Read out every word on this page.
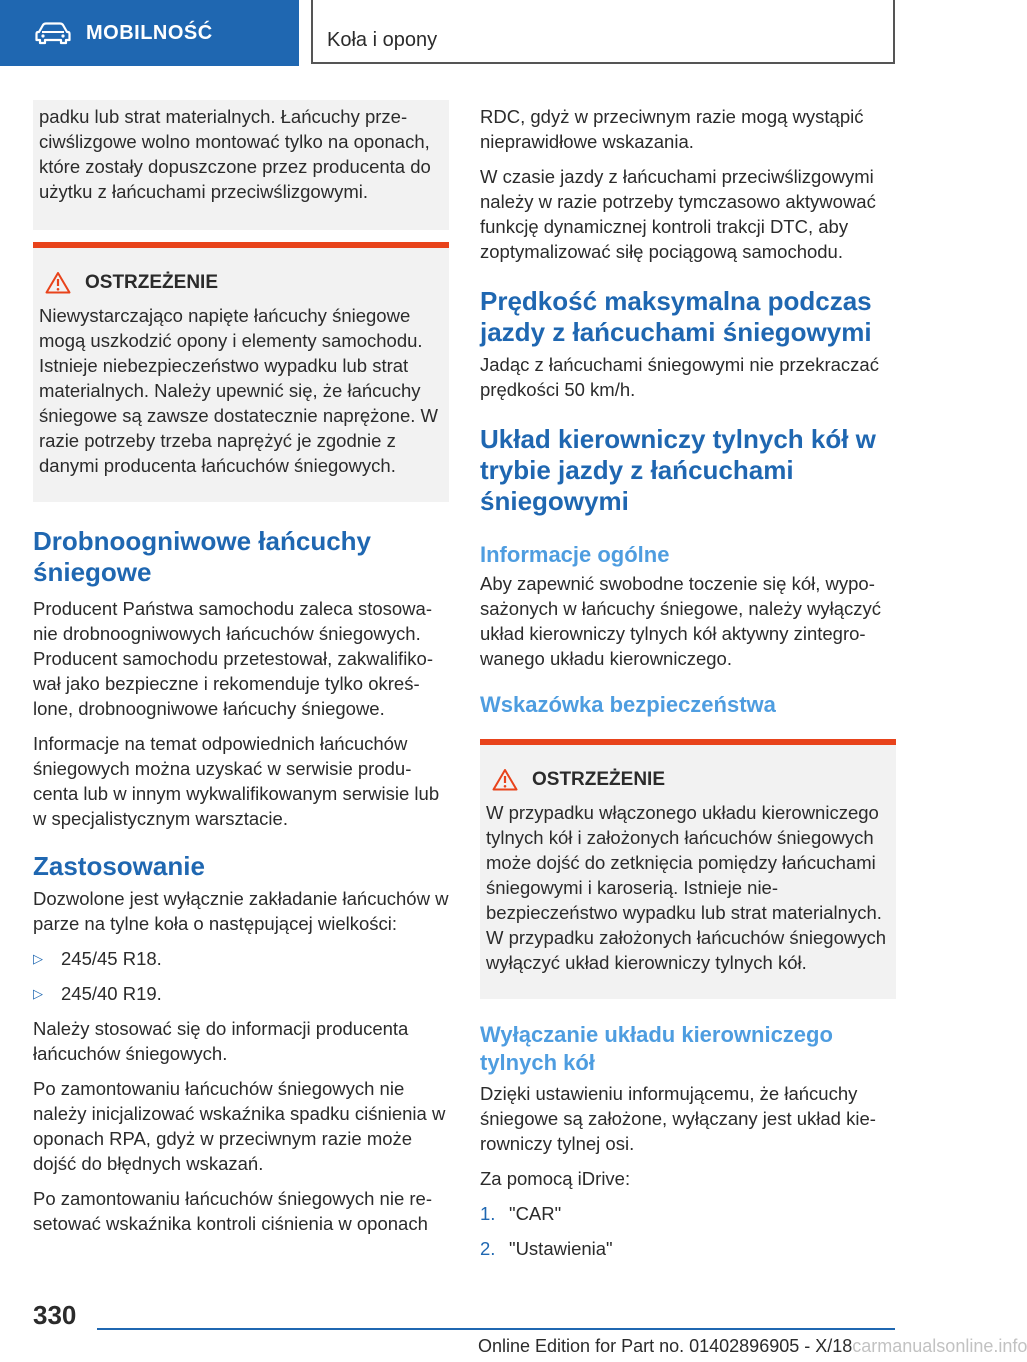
MOBILNOŚĆ	Koła i opony
padku lub strat materialnych. Łańcuchy przeciwślizgowe wolno montować tylko na oponach, które zostały dopuszczone przez producenta do użytku z łańcuchami przeciwślizgowymi.
OSTRZEŻENIE
Niewystarczająco napięte łańcuchy śniegowe mogą uszkodzić opony i elementy samochodu. Istnieje niebezpieczeństwo wypadku lub strat materialnych. Należy upewnić się, że łańcuchy śniegowe są zawsze dostatecznie naprężone. W razie potrzeby trzeba naprężyć je zgodnie z danymi producenta łańcuchów śniegowych.
Drobnoogniwowe łańcuchy śniegowe

Producent Państwa samochodu zaleca stosowanie drobnoogniwowych łańcuchów śniegowych. Producent samochodu przetestował, zakwalifikował jako bezpieczne i rekomenduje tylko określone, drobnoogniwowe łańcuchy śniegowe.

Informacje na temat odpowiednich łańcuchów śniegowych można uzyskać w serwisie producenta lub w innym wykwalifikowanym serwisie lub w specjalistycznym warsztacie.

Zastosowanie

Dozwolone jest wyłącznie zakładanie łańcuchów w parze na tylne koła o następującej wielkości:

▷ 245/45 R18.
▷ 245/40 R19.

Należy stosować się do informacji producenta łańcuchów śniegowych.

Po zamontowaniu łańcuchów śniegowych nie należy inicjalizować wskaźnika spadku ciśnienia w oponach RPA, gdyż w przeciwnym razie może dojść do błędnych wskazań.

Po zamontowaniu łańcuchów śniegowych nie resetować wskaźnika kontroli ciśnienia w oponach

RDC, gdyż w przeciwnym razie mogą wystąpić nieprawidłowe wskazania.

W czasie jazdy z łańcuchami przeciwślizgowymi należy w razie potrzeby tymczasowo aktywować funkcję dynamicznej kontroli trakcji DTC, aby zoptymalizować siłę pociągową samochodu.

Prędkość maksymalna podczas jazdy z łańcuchami śniegowymi

Jadąc z łańcuchami śniegowymi nie przekraczać prędkości 50 km/h.

Układ kierowniczy tylnych kół w trybie jazdy z łańcuchami śniegowymi
Informacje ogólne

Aby zapewnić swobodne toczenie się kół, wyposażonych w łańcuchy śniegowe, należy wyłączyć układ kierowniczy tylnych kół aktywny zintegrowanego układu kierowniczego.

Wskazówka bezpieczeństwa
OSTRZEŻENIE
W przypadku włączonego układu kierowniczego tylnych kół i założonych łańcuchów śniegowych może dojść do zetknięcia pomiędzy łańcuchami śniegowymi i karoserią. Istnieje niebezpieczeństwo wypadku lub strat materialnych. W przypadku założonych łańcuchów śniegowych wyłączyć układ kierowniczy tylnych kół.
Wyłączanie układu kierowniczego tylnych kół

Dzięki ustawieniu informującemu, że łańcuchy śniegowe są założone, wyłączany jest układ kierowniczy tylnej osi.

Za pomocą iDrive:

1. "CAR"
2. "Ustawienia"
330
Online Edition for Part no. 01402896905 - X/18carmanualsonline.info
